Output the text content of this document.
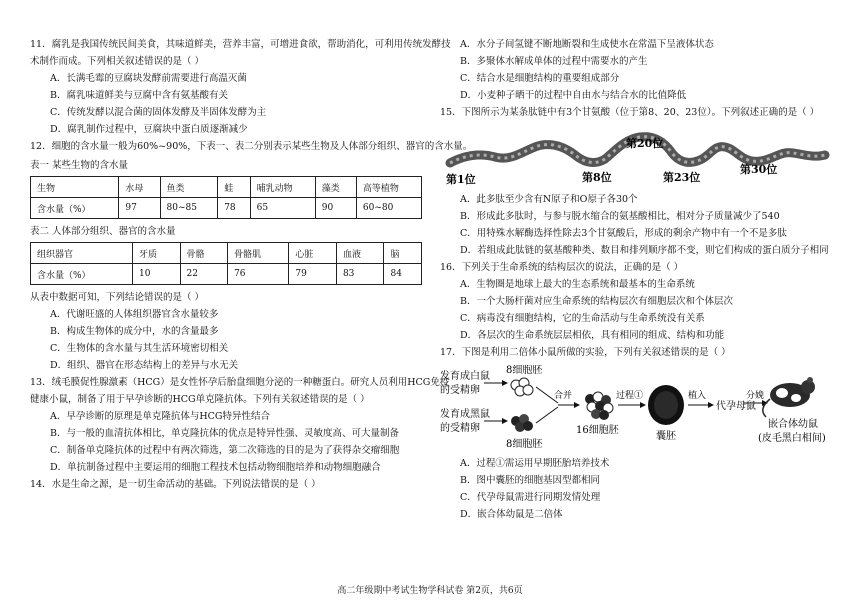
11．腐乳是我国传统民间美食，其味道鲜美，营养丰富，可增进食欲，帮助消化，可利用传统发酵技

术制作而成。下列相关叙述错误的是（ ）

A．长满毛霉的豆腐块发酵前需要进行高温灭菌

B．腐乳味道鲜美与豆腐中含有氨基酸有关

C．传统发酵以混合菌的固体发酵及半固体发酵为主

D．腐乳制作过程中，豆腐块中蛋白质逐渐减少

12．细胞的含水量一般为60%~90%，下表一、表二分别表示某些生物及人体部分组织、器官的含水量。

表一 某些生物的含水量

生物	水母	鱼类	蛙	哺乳动物	藻类	高等植物
含水量（%）	97	80~85	78	65	90	60~80

表二 人体部分组织、器官的含水量

组织器官	牙质	骨骼	骨骼肌	心脏	血液	脑
含水量（%）	10	22	76	79	83	84

从表中数据可知，下列结论错误的是（ ）

A．代谢旺盛的人体组织器官含水量较多

B．构成生物体的成分中，水的含量最多

C．生物体的含水量与其生活环境密切相关

D．组织、器官在形态结构上的差异与水无关

13．绒毛膜促性腺激素（HCG）是女性怀孕后胎盘细胞分泌的一种糖蛋白。研究人员利用HCG免疫

健康小鼠，制备了用于早孕诊断的HCG单克隆抗体。下列有关叙述错误的是（ ）

A．早孕诊断的原理是单克隆抗体与HCG特异性结合

B．与一般的血清抗体相比，单克隆抗体的优点是特异性强、灵敏度高、可大量制备

C．制备单克隆抗体的过程中有两次筛选，第二次筛选的目的是为了获得杂交瘤细胞

D．单抗制备过程中主要运用的细胞工程技术包括动物细胞培养和动物细胞融合

14．水是生命之源，是一切生命活动的基础。下列说法错误的是（ ）

A．水分子间氢键不断地断裂和生成使水在常温下呈液体状态

B．多聚体水解成单体的过程中需要水的产生

C．结合水是细胞结构的重要组成部分

D．小麦种子晒干的过程中自由水与结合水的比值降低

15．下图所示为某条肽链中有3个甘氨酸（位于第8、20、23位）。下列叙述正确的是（ ）

第1位	第8位
第20位
第23位
第30位

A．此多肽至少含有N原子和O原子各30个

B．形成此多肽时，与参与脱水缩合的氨基酸相比，相对分子质量减少了540

C．用特殊水解酶选择性除去3个甘氨酸后，形成的剩余产物中有一个不是多肽

D．若组成此肽链的氨基酸种类、数目和排列顺序都不变，则它们构成的蛋白质分子相同

16．下列关于生命系统的结构层次的说法，正确的是（ ）

A．生物圈是地球上最大的生态系统和最基本的生命系统

B．一个大肠杆菌对应生命系统的结构层次有细胞层次和个体层次

C．病毒没有细胞结构，它的生命活动与生命系统没有关系

D．各层次的生命系统层层相依，具有相同的组成、结构和功能

17．下图是利用二倍体小鼠所做的实验，下列有关叙述错误的是（ ）

发育成白鼠
的受精卵
发育成黑鼠
的受精卵
8细胞胚
8细胞胚
合并
16细胞胚
过程①
囊胚
植入
代孕母鼠
分娩
嵌合体幼鼠
(皮毛黑白相间)

A．过程①需运用早期胚胎培养技术

B．图中囊胚的细胞基因型都相同

C．代孕母鼠需进行同期发情处理

D．嵌合体幼鼠是二倍体

高二年级期中考试生物学科试卷 第2页，共6页
